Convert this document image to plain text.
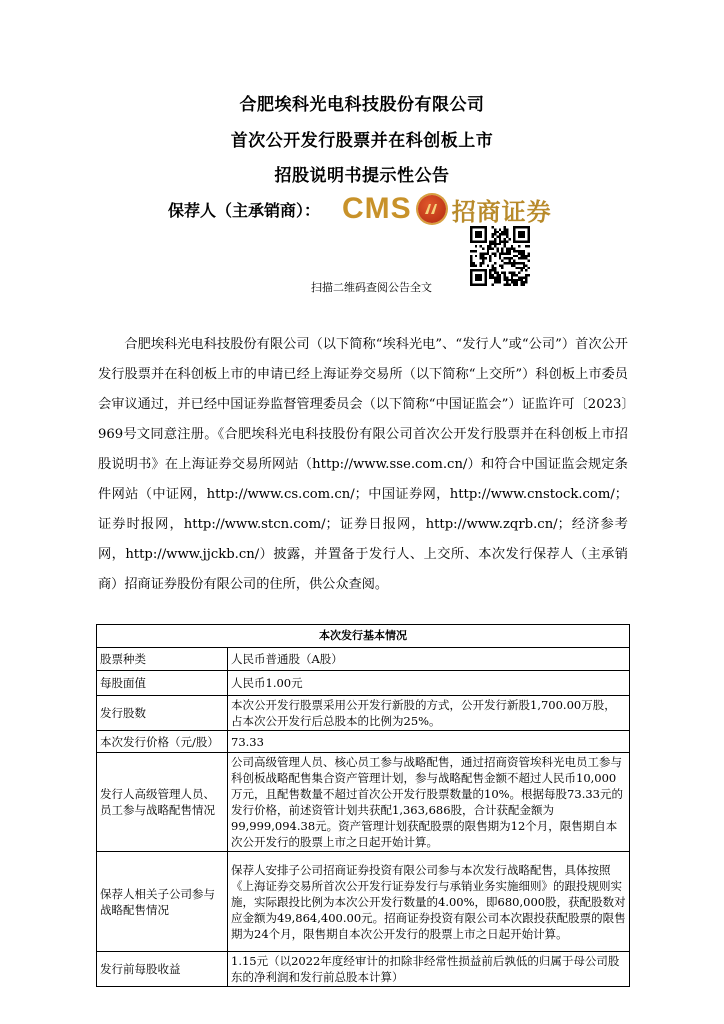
合肥埃科光电科技股份有限公司
首次公开发行股票并在科创板上市
招股说明书提示性公告
保荐人（主承销商）： CMS 招商证券
扫描二维码查阅公告全文

合肥埃科光电科技股份有限公司（以下简称“埃科光电”、“发行人”或“公司”）首次公开发行股票并在科创板上市的申请已经上海证券交易所（以下简称“上交所”）科创板上市委员会审议通过，并已经中国证券监督管理委员会（以下简称“中国证监会”）证监许可〔2023〕969号文同意注册。《合肥埃科光电科技股份有限公司首次公开发行股票并在科创板上市招股说明书》在上海证券交易所网站（http://www.sse.com.cn/）和符合中国证监会规定条件网站（中证网，http://www.cs.com.cn/；中国证券网，http://www.cnstock.com/；证券时报网，http://www.stcn.com/；证券日报网，http://www.zqrb.cn/；经济参考网，http://www.jjckb.cn/）披露，并置备于发行人、上交所、本次发行保荐人（主承销商）招商证券股份有限公司的住所，供公众查阅。

本次发行基本情况	
股票种类	人民币普通股（A股）
每股面值	人民币1.00元
发行股数	本次公开发行股票采用公开发行新股的方式，公开发行新股1,700.00万股，占本次公开发行后总股本的比例为25%。
本次发行价格（元/股）	73.33
发行人高级管理人员、员工参与战略配售情况	公司高级管理人员、核心员工参与战略配售，通过招商资管埃科光电员工参与科创板战略配售集合资产管理计划，参与战略配售金额不超过人民币10,000万元，且配售数量不超过首次公开发行股票数量的10%。根据每股73.33元的发行价格，前述资管计划共获配1,363,686股，合计获配金额为99,999,094.38元。资产管理计划获配股票的限售期为12个月，限售期自本次公开发行的股票上市之日起开始计算。
保荐人相关子公司参与战略配售情况	保荐人安排子公司招商证券投资有限公司参与本次发行战略配售，具体按照《上海证券交易所首次公开发行证券发行与承销业务实施细则》的跟投规则实施，实际跟投比例为本次公开发行数量的4.00%，即680,000股，获配股数对应金额为49,864,400.00元。招商证券投资有限公司本次跟投获配股票的限售期为24个月，限售期自本次公开发行的股票上市之日起开始计算。
发行前每股收益	1.15元（以2022年度经审计的扣除非经常性损益前后孰低的归属于母公司股东的净利润和发行前总股本计算）
